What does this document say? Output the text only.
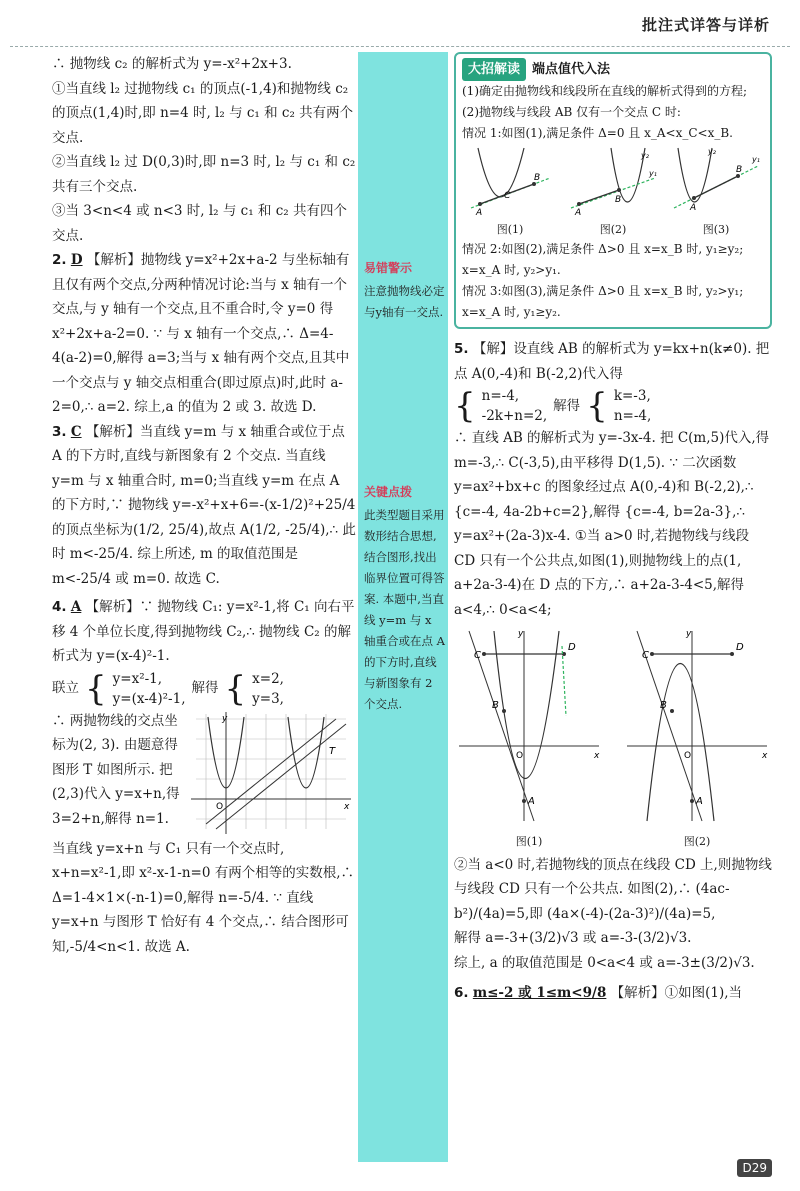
批注式详答与详析

∴ 抛物线 c₂ 的解析式为 y=-x²+2x+3.

①当直线 l₂ 过抛物线 c₁ 的顶点(-1,4)和抛物线 c₂ 的顶点(1,4)时,即 n=4 时, l₂ 与 c₁ 和 c₂ 共有两个交点.

②当直线 l₂ 过 D(0,3)时,即 n=3 时, l₂ 与 c₁ 和 c₂ 共有三个交点.

③当 3<n<4 或 n<3 时, l₂ 与 c₁ 和 c₂ 共有四个交点.

2. D 【解析】抛物线 y=x²+2x+a-2 与坐标轴有且仅有两个交点,分两种情况讨论:当与 x 轴有一个交点,与 y 轴有一个交点,且不重合时,令 y=0 得 x²+2x+a-2=0. ∵ 与 x 轴有一个交点,∴ Δ=4-4(a-2)=0,解得 a=3;当与 x 轴有两个交点,且其中一个交点与 y 轴交点相重合(即过原点)时,此时 a-2=0,∴ a=2. 综上,a 的值为 2 或 3. 故选 D.

3. C 【解析】当直线 y=m 与 x 轴重合或位于点 A 的下方时,直线与新图象有 2 个交点. 当直线 y=m 与 x 轴重合时, m=0;当直线 y=m 在点 A 的下方时,∵ 抛物线 y=-x²+x+6=-(x-1/2)²+25/4 的顶点坐标为(1/2, 25/4),故点 A(1/2, -25/4),∴ 此时 m<-25/4. 综上所述, m 的取值范围是 m<-25/4 或 m=0. 故选 C.

4. A 【解析】∵ 抛物线 C₁: y=x²-1,将 C₁ 向右平移 4 个单位长度,得到抛物线 C₂,∴ 抛物线 C₂ 的解析式为 y=(x-4)²-1.

联立 { y=x²-1,
y=(x-4)²-1,
解得 { x=2,
y=3,

∴ 两抛物线的交点坐标为(2, 3). 由题意得图形 T 如图所示. 把(2,3)代入 y=x+n,得 3=2+n,解得 n=1.

T
y
x
O

当直线 y=x+n 与 C₁ 只有一个交点时, x+n=x²-1,即 x²-x-1-n=0 有两个相等的实数根,∴ Δ=1-4×1×(-n-1)=0,解得 n=-5/4. ∵ 直线 y=x+n 与图形 T 恰好有 4 个交点,∴ 结合图形可知,-5/4<n<1. 故选 A.

易错警示
注意抛物线必定与y轴有一交点.
关键点拨
此类型题目采用数形结合思想,结合图形,找出临界位置可得答案. 本题中,当直线 y=m 与 x 轴重合或在点 A 的下方时,直线与新图象有 2 个交点.
大招解读 端点值代入法
(1)确定由抛物线和线段所在直线的解析式得到的方程;
(2)抛物线与线段 AB 仅有一个交点 C 时:
情况 1:如图(1),满足条件 Δ=0 且 x_A<x_C<x_B.
A
B
C
图(1)
A
B
y₂
y₁
图(2)
A
B
y₁
y₂
图(3)
情况 2:如图(2),满足条件 Δ>0 且 x=x_B 时, y₁≥y₂; x=x_A 时, y₂>y₁.
情况 3:如图(3),满足条件 Δ>0 且 x=x_B 时, y₂>y₁; x=x_A 时, y₁≥y₂.

5. 【解】设直线 AB 的解析式为 y=kx+n(k≠0). 把点 A(0,-4)和 B(-2,2)代入得

{ n=-4,
-2k+n=2,
解得 { k=-3,
n=-4,

∴ 直线 AB 的解析式为 y=-3x-4. 把 C(m,5)代入,得 m=-3,∴ C(-3,5),由平移得 D(1,5). ∵ 二次函数 y=ax²+bx+c 的图象经过点 A(0,-4)和 B(-2,2),∴ {c=-4, 4a-2b+c=2},解得 {c=-4, b=2a-3},∴ y=ax²+(2a-3)x-4. ①当 a>0 时,若抛物线与线段 CD 只有一个公共点,如图(1),则抛物线上的点(1, a+2a-3-4)在 D 点的下方,∴ a+2a-3-4<5,解得 a<4,∴ 0<a<4;

C
D
B
A
y
x
O
图(1)
C
D
B
A
y
x
O
图(2)

②当 a<0 时,若抛物线的顶点在线段 CD 上,则抛物线与线段 CD 只有一个公共点. 如图(2),∴ (4ac-b²)/(4a)=5,即 (4a×(-4)-(2a-3)²)/(4a)=5,

解得 a=-3+(3/2)√3 或 a=-3-(3/2)√3.

综上, a 的取值范围是 0<a<4 或 a=-3±(3/2)√3.

6. m≤-2 或 1≤m<9/8 【解析】①如图(1),当

D29
